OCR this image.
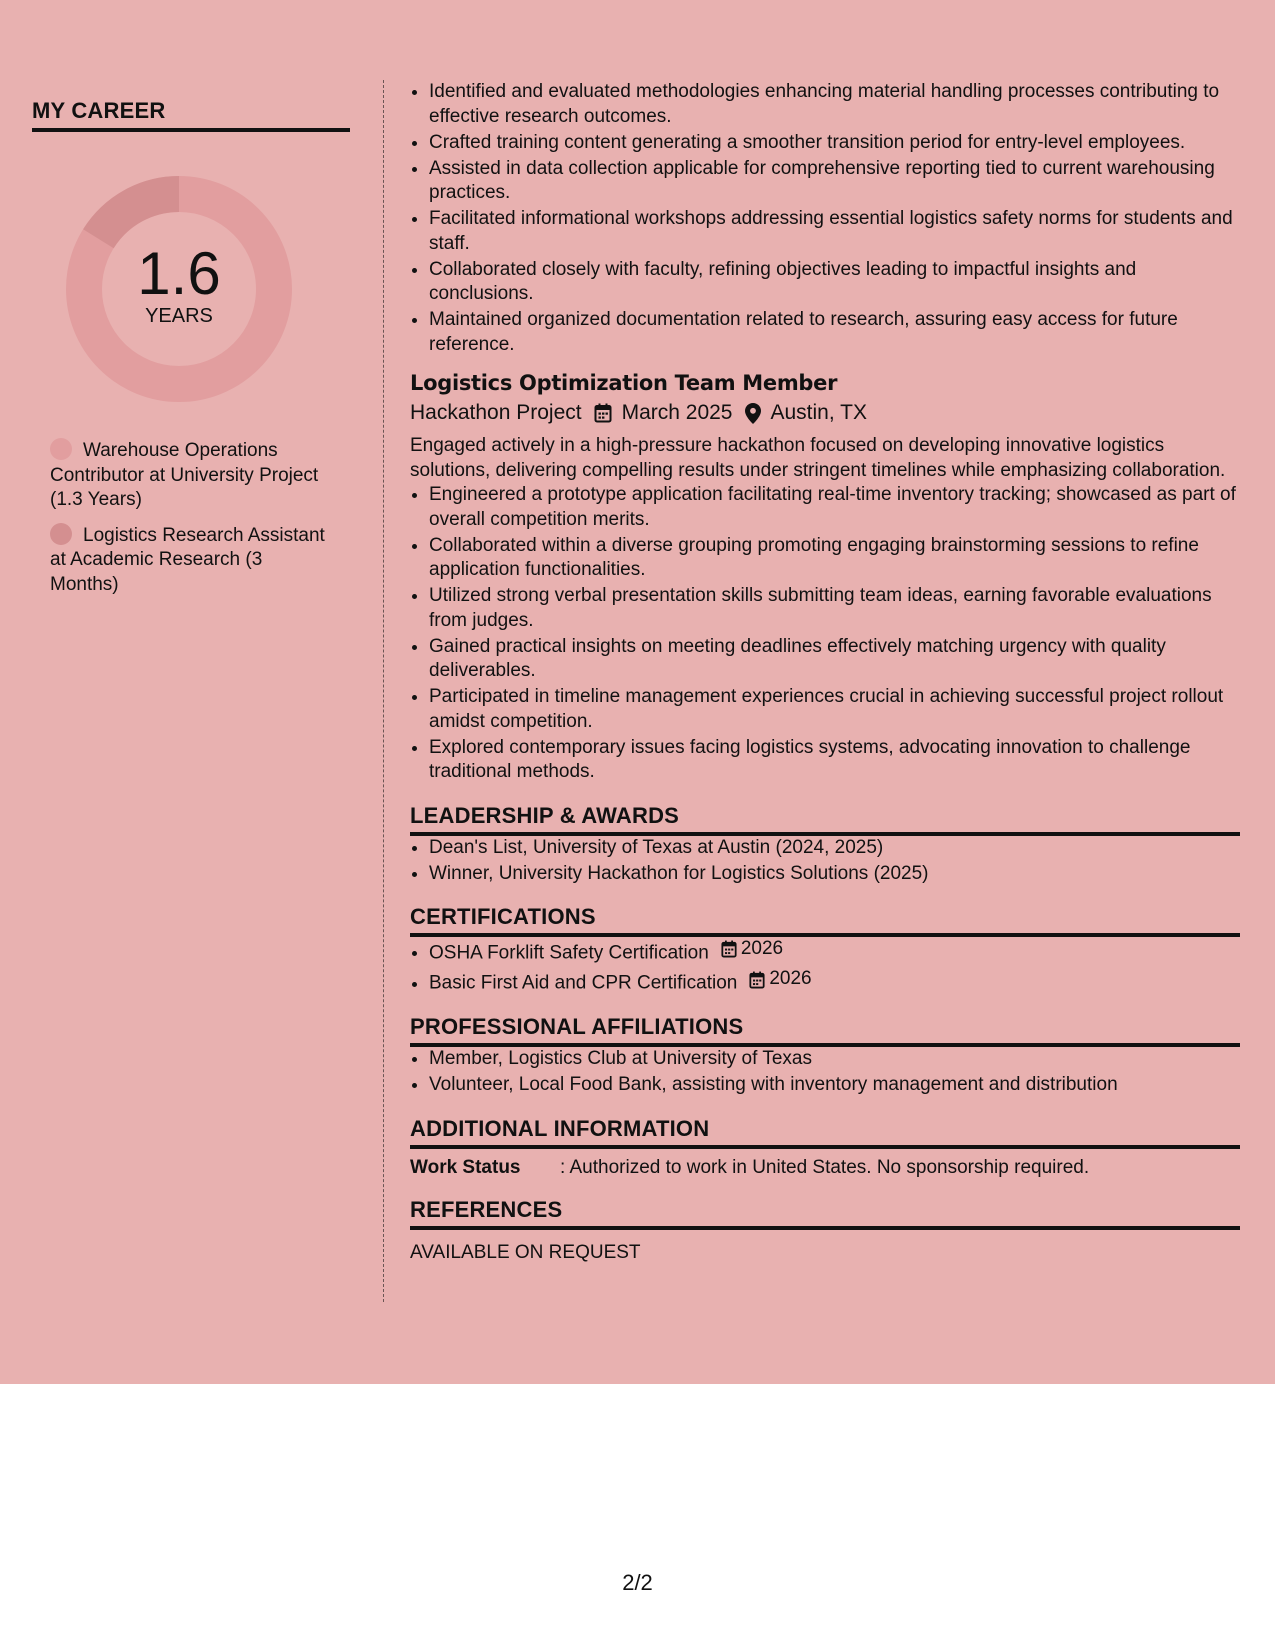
MY CAREER
1.6
YEARS
Warehouse Operations Contributor at University Project (1.3 Years)
Logistics Research Assistant at Academic Research (3 Months)
• Identified and evaluated methodologies enhancing material handling processes contributing to effective research outcomes.
• Crafted training content generating a smoother transition period for entry-level employees.
• Assisted in data collection applicable for comprehensive reporting tied to current warehousing practices.
• Facilitated informational workshops addressing essential logistics safety norms for students and staff.
• Collaborated closely with faculty, refining objectives leading to impactful insights and conclusions.
• Maintained organized documentation related to research, assuring easy access for future reference.
Logistics Optimization Team Member
Hackathon Project March 2025 Austin, TX
Engaged actively in a high-pressure hackathon focused on developing innovative logistics solutions, delivering compelling results under stringent timelines while emphasizing collaboration.
• Engineered a prototype application facilitating real-time inventory tracking; showcased as part of overall competition merits.
• Collaborated within a diverse grouping promoting engaging brainstorming sessions to refine application functionalities.
• Utilized strong verbal presentation skills submitting team ideas, earning favorable evaluations from judges.
• Gained practical insights on meeting deadlines effectively matching urgency with quality deliverables.
• Participated in timeline management experiences crucial in achieving successful project rollout amidst competition.
• Explored contemporary issues facing logistics systems, advocating innovation to challenge traditional methods.
LEADERSHIP & AWARDS
• Dean's List, University of Texas at Austin (2024, 2025)
• Winner, University Hackathon for Logistics Solutions (2025)
CERTIFICATIONS
• OSHA Forklift Safety Certification 2026
• Basic First Aid and CPR Certification 2026
PROFESSIONAL AFFILIATIONS
• Member, Logistics Club at University of Texas
• Volunteer, Local Food Bank, assisting with inventory management and distribution
ADDITIONAL INFORMATION
Work Status	: Authorized to work in United States. No sponsorship required.
REFERENCES
AVAILABLE ON REQUEST
2/2
